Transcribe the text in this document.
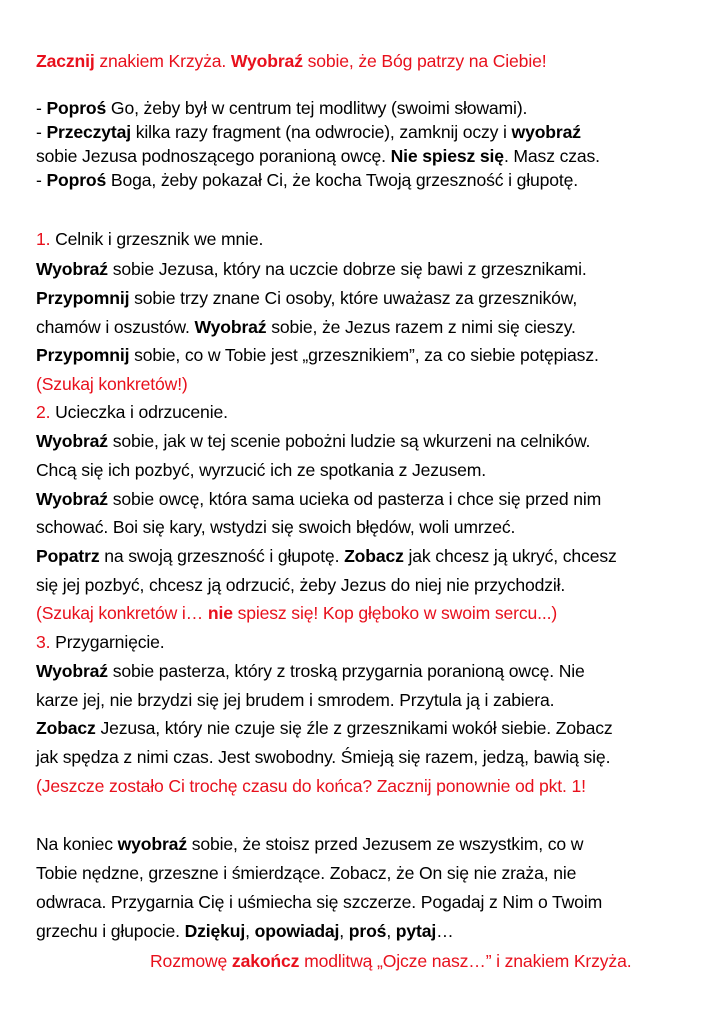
Zacznij znakiem Krzyża. Wyobraź sobie, że Bóg patrzy na Ciebie!
- Poproś Go, żeby był w centrum tej modlitwy (swoimi słowami).
- Przeczytaj kilka razy fragment (na odwrocie), zamknij oczy i wyobraź
sobie Jezusa podnoszącego poranioną owcę. Nie spiesz się. Masz czas.
- Poproś Boga, żeby pokazał Ci, że kocha Twoją grzeszność i głupotę.
1. Celnik i grzesznik we mnie.
Wyobraź sobie Jezusa, który na uczcie dobrze się bawi z grzesznikami.
Przypomnij sobie trzy znane Ci osoby, które uważasz za grzeszników,
chamów i oszustów. Wyobraź sobie, że Jezus razem z nimi się cieszy.
Przypomnij sobie, co w Tobie jest „grzesznikiem”, za co siebie potępiasz.
(Szukaj konkretów!)
2. Ucieczka i odrzucenie.
Wyobraź sobie, jak w tej scenie pobożni ludzie są wkurzeni na celników.
Chcą się ich pozbyć, wyrzucić ich ze spotkania z Jezusem.
Wyobraź sobie owcę, która sama ucieka od pasterza i chce się przed nim
schować. Boi się kary, wstydzi się swoich błędów, woli umrzeć.
Popatrz na swoją grzeszność i głupotę. Zobacz jak chcesz ją ukryć, chcesz
się jej pozbyć, chcesz ją odrzucić, żeby Jezus do niej nie przychodził.
(Szukaj konkretów i… nie spiesz się! Kop głęboko w swoim sercu...)
3. Przygarnięcie.
Wyobraź sobie pasterza, który z troską przygarnia poranioną owcę. Nie
karze jej, nie brzydzi się jej brudem i smrodem. Przytula ją i zabiera.
Zobacz Jezusa, który nie czuje się źle z grzesznikami wokół siebie. Zobacz
jak spędza z nimi czas. Jest swobodny. Śmieją się razem, jedzą, bawią się.
(Jeszcze zostało Ci trochę czasu do końca? Zacznij ponownie od pkt. 1!
Na koniec wyobraź sobie, że stoisz przed Jezusem ze wszystkim, co w
Tobie nędzne, grzeszne i śmierdzące. Zobacz, że On się nie zraża, nie
odwraca. Przygarnia Cię i uśmiecha się szczerze. Pogadaj z Nim o Twoim
grzechu i głupocie. Dziękuj, opowiadaj, proś, pytaj…
Rozmowę zakończ modlitwą „Ojcze nasz…” i znakiem Krzyża.
